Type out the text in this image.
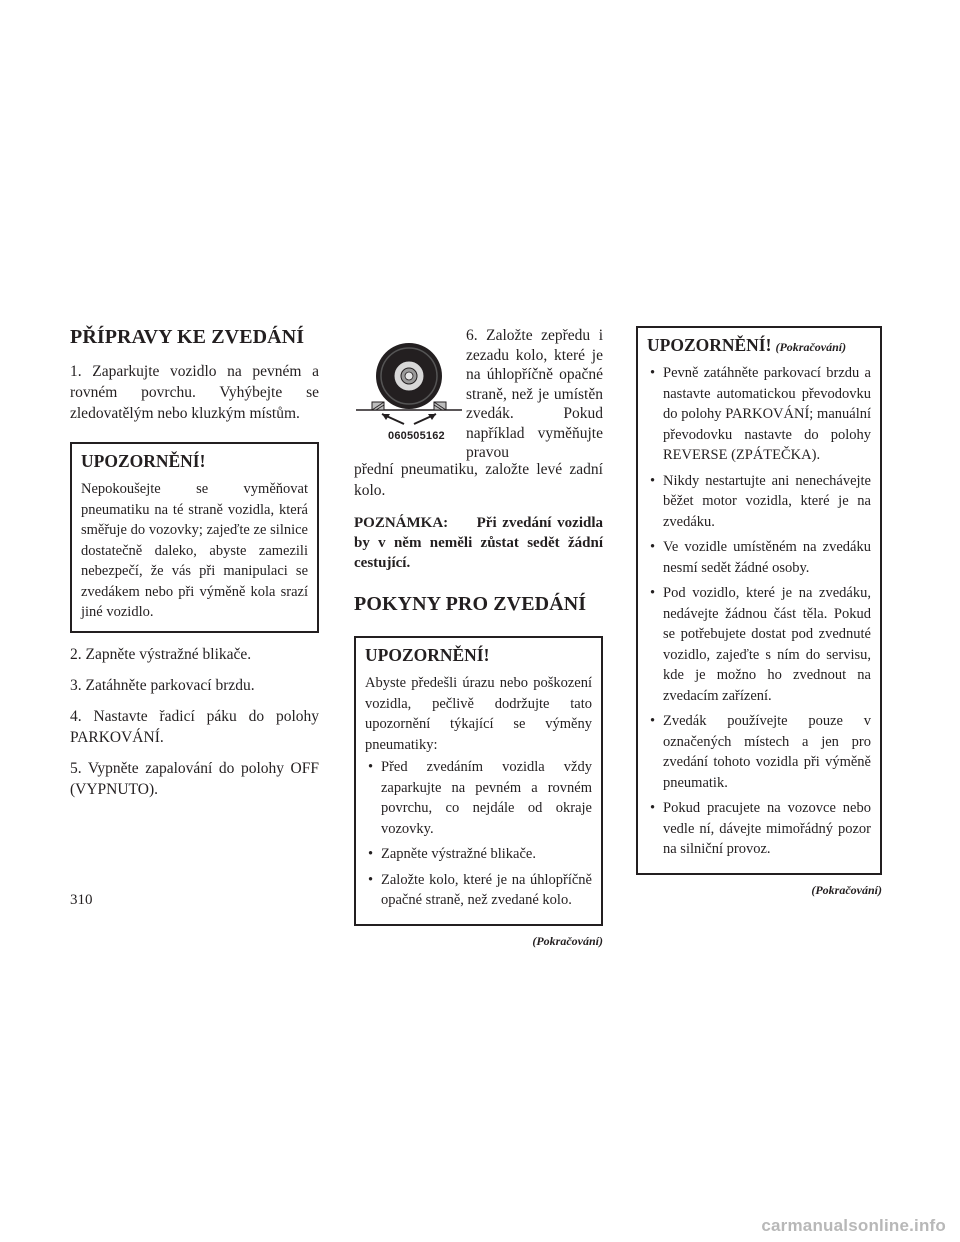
PŘÍPRAVY KE ZVEDÁNÍ

1. Zaparkujte vozidlo na pevném a rovném povrchu. Vyhýbejte se zledovatělým nebo kluzkým místům.

UPOZORNĚNÍ!

Nepokoušejte se vyměňovat pneumatiku na té straně vozidla, která směřuje do vozovky; zajeďte ze silnice dostatečně daleko, abyste zamezili nebezpečí, že vás při manipulaci se zvedákem nebo při výměně kola srazí jiné vozidlo.

2. Zapněte výstražné blikače.

3. Zatáhněte parkovací brzdu.

4. Nastavte řadicí páku do polohy PARKOVÁNÍ.

5. Vypněte zapalování do polohy OFF (VYPNUTO).

060505162

6. Založte zepředu i zezadu kolo, které je na úhlopříčně opačné straně, než je umístěn zvedák. Pokud například vyměňujte pravou

přední pneumatiku, založte levé zadní kolo.

POZNÁMKA: Při zvedání vozidla by v něm neměli zůstat sedět žádní cestující.

POKYNY PRO ZVEDÁNÍ
UPOZORNĚNÍ!

Abyste předešli úrazu nebo poškození vozidla, pečlivě dodržujte tato upozornění týkající se výměny pneumatiky:

• Před zvedáním vozidla vždy zaparkujte na pevném a rovném povrchu, co nejdále od okraje vozovky.
• Zapněte výstražné blikače.
• Založte kolo, které je na úhlopříčně opačné straně, než zvedané kolo.
(Pokračování)
UPOZORNĚNÍ! (Pokračování)
• Pevně zatáhněte parkovací brzdu a nastavte automatickou převodovku do polohy PARKOVÁNÍ; manuální převodovku nastavte do polohy REVERSE (ZPÁTEČKA).
• Nikdy nestartujte ani nenechávejte běžet motor vozidla, které je na zvedáku.
• Ve vozidle umístěném na zvedáku nesmí sedět žádné osoby.
• Pod vozidlo, které je na zvedáku, nedávejte žádnou část těla. Pokud se potřebujete dostat pod zvednuté vozidlo, zajeďte s ním do servisu, kde je možno ho zvednout na zvedacím zařízení.
• Zvedák používejte pouze v označených místech a jen pro zvedání tohoto vozidla při výměně pneumatik.
• Pokud pracujete na vozovce nebo vedle ní, dávejte mimořádný pozor na silniční provoz.
(Pokračování)
310
carmanualsonline.info
